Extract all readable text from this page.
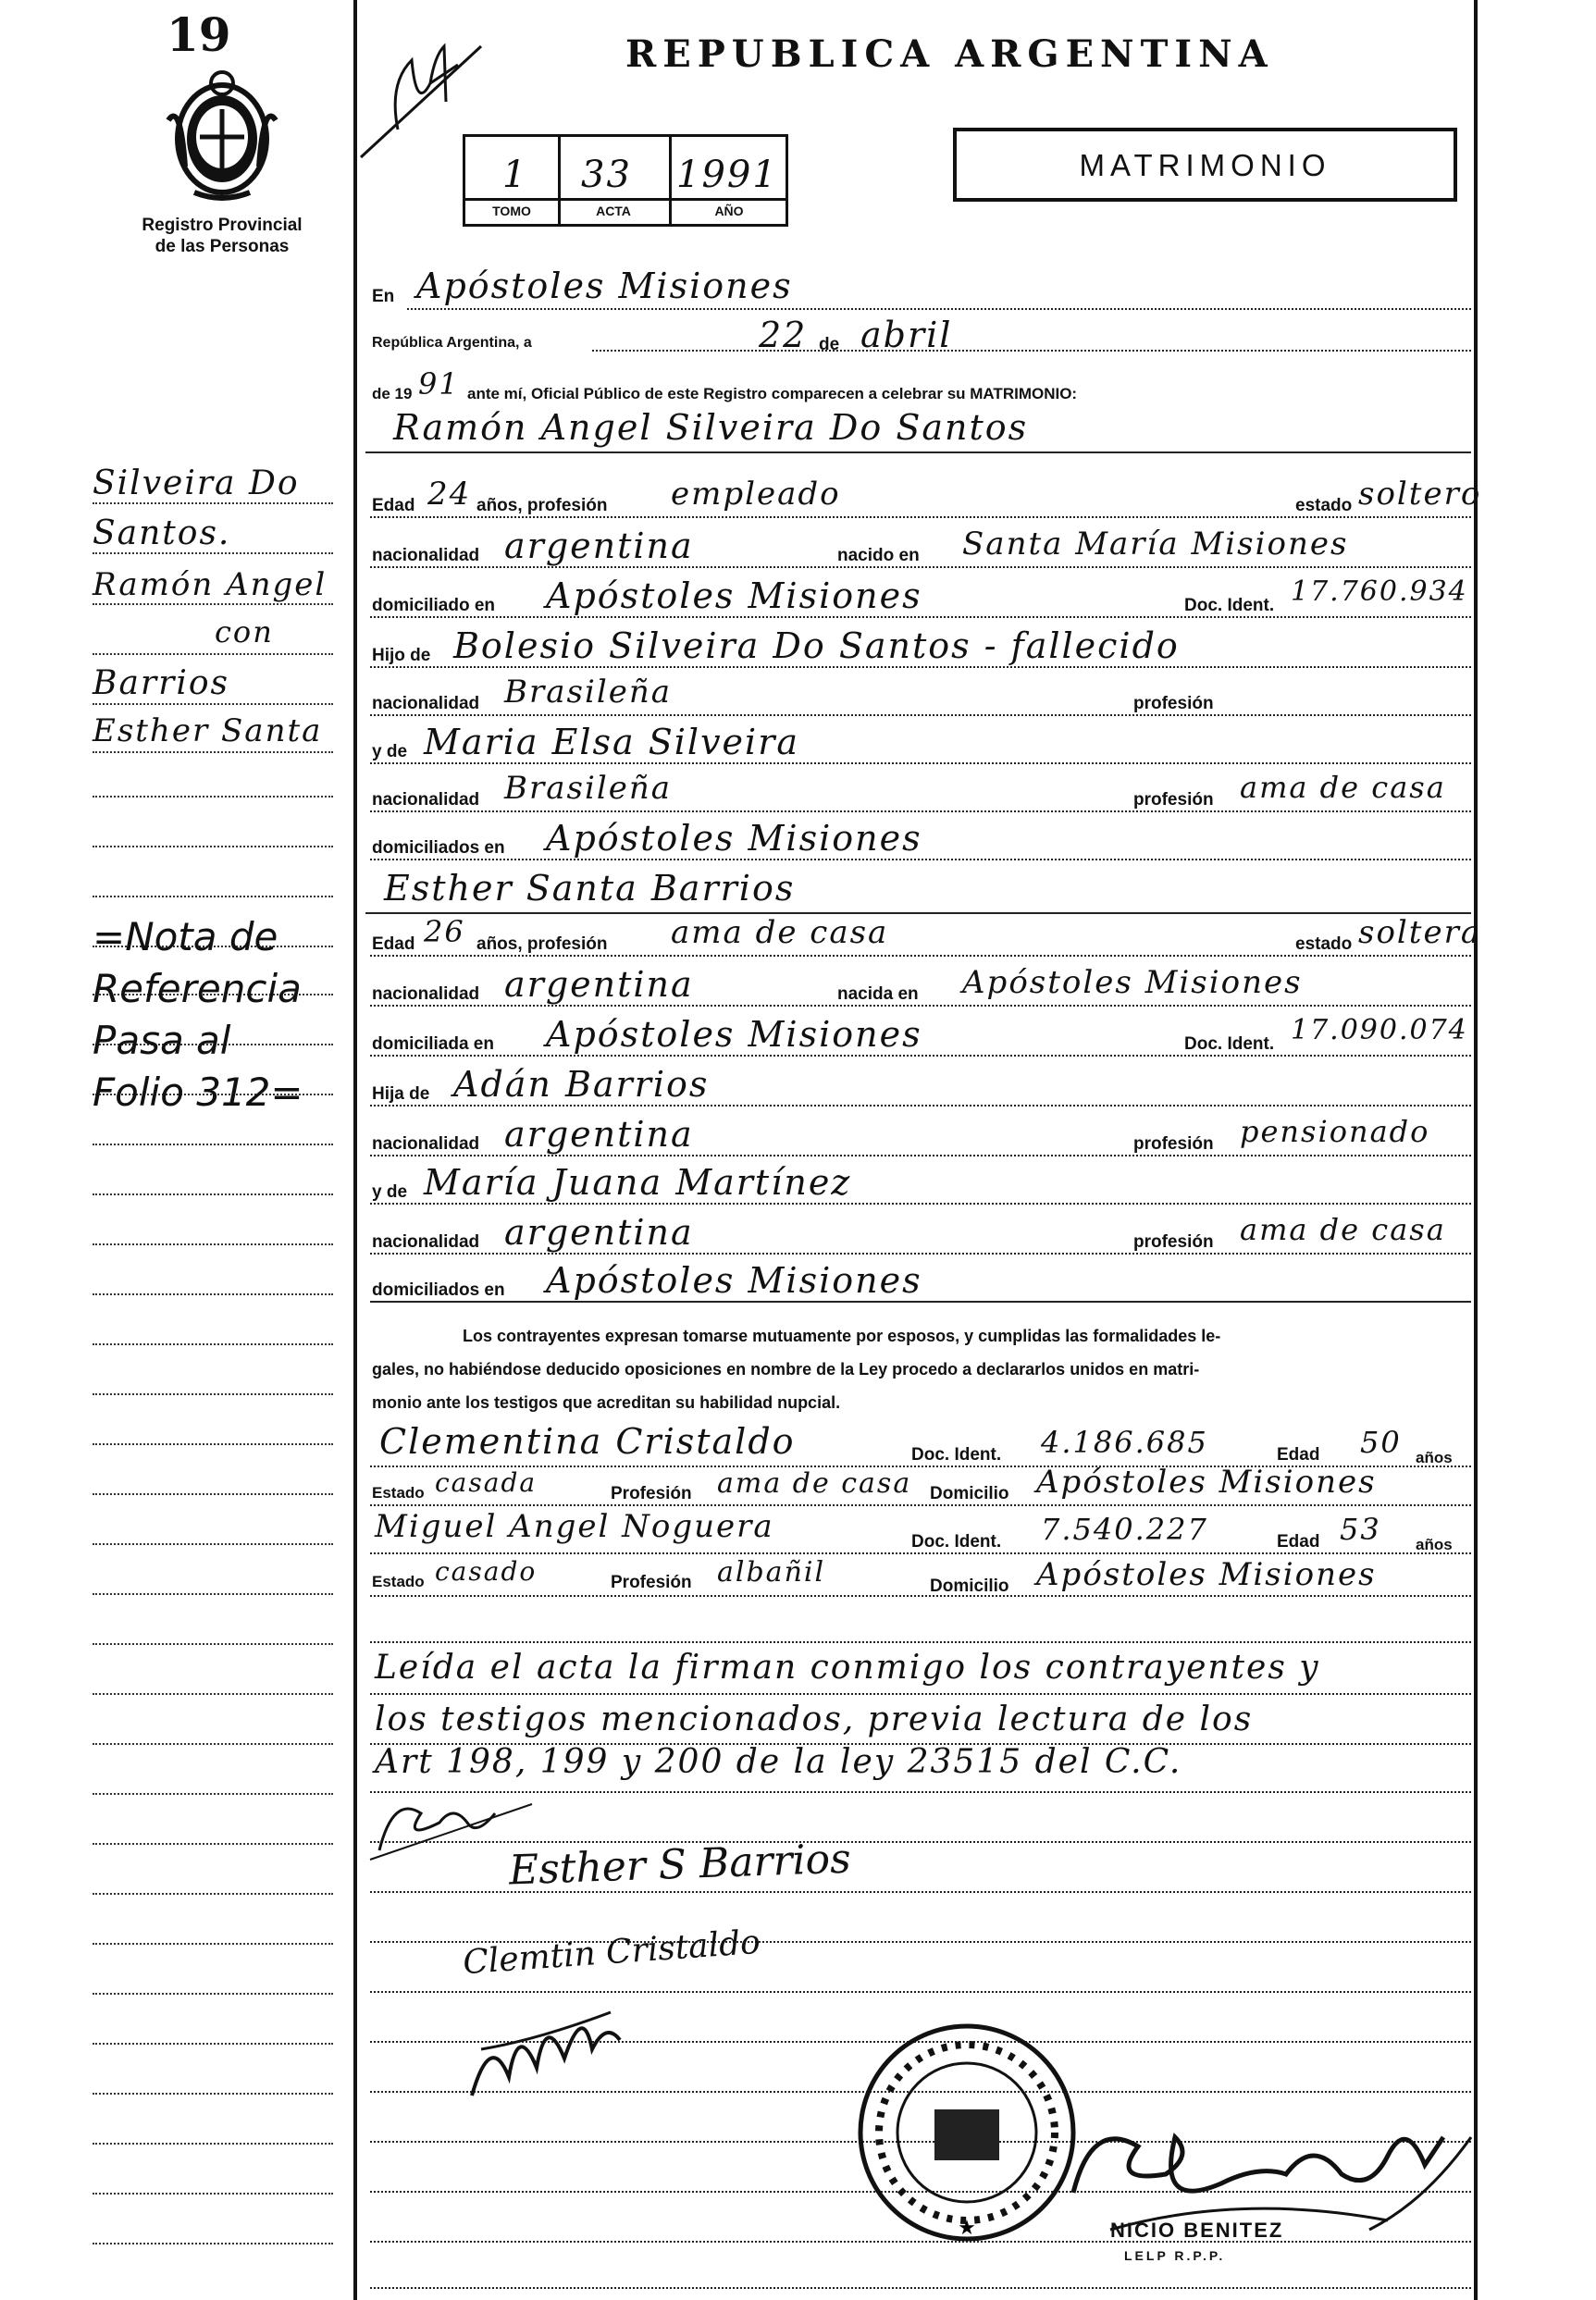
19
Registro Provincial
de las Personas
Silveira Do
Santos.
Ramón Angel
con
Barrios
Esther Santa
=Nota de
Referencia
Pasa al
Folio 312=
REPUBLICA ARGENTINA
MATRIMONIO
1 33 1991
TOMO	ACTA	AÑO
En Apóstoles Misiones
República Argentina, a	22 de abril
de 19 91 ante mí, Oficial Público de este Registro comparecen a celebrar su MATRIMONIO:
Ramón Angel Silveira Do Santos
Edad 24 años, profesión empleado	estado soltero
nacionalidad argentina	nacido en Santa María Misiones
domiciliado en Apóstoles Misiones	Doc. Ident. 17.760.934
Hijo de Bolesio Silveira Do Santos - fallecido
nacionalidad Brasileña	profesión
y de Maria Elsa Silveira
nacionalidad Brasileña	profesión ama de casa
domiciliados en Apóstoles Misiones
Esther Santa Barrios
Edad 26 años, profesión ama de casa	estado soltera
nacionalidad argentina	nacida en Apóstoles Misiones
domiciliada en Apóstoles Misiones	Doc. Ident. 17.090.074
Hija de Adán Barrios
nacionalidad argentina	profesión pensionado
y de María Juana Martínez
nacionalidad argentina	profesión ama de casa
domiciliados en Apóstoles Misiones
Los contrayentes expresan tomarse mutuamente por esposos, y cumplidas las formalidades le-
gales, no habiéndose deducido oposiciones en nombre de la Ley procedo a declararlos unidos en matri-
monio ante los testigos que acreditan su habilidad nupcial.
Clementina Cristaldo	Doc. Ident. 4.186.685	Edad 50 años
Estado casada	Profesión ama de casa Domicilio Apóstoles Misiones
Miguel Angel Noguera	Doc. Ident. 7.540.227	Edad 53 años
Estado casado	Profesión albañil	Domicilio Apóstoles Misiones
Leída el acta la firman conmigo los contrayentes y
los testigos mencionados, previa lectura de los
Art 198, 199 y 200 de la ley 23515 del C.C.
Esther S Barrios
Clemtin Cristaldo
★	NICIO BENITEZ
LELP R.P.P.
